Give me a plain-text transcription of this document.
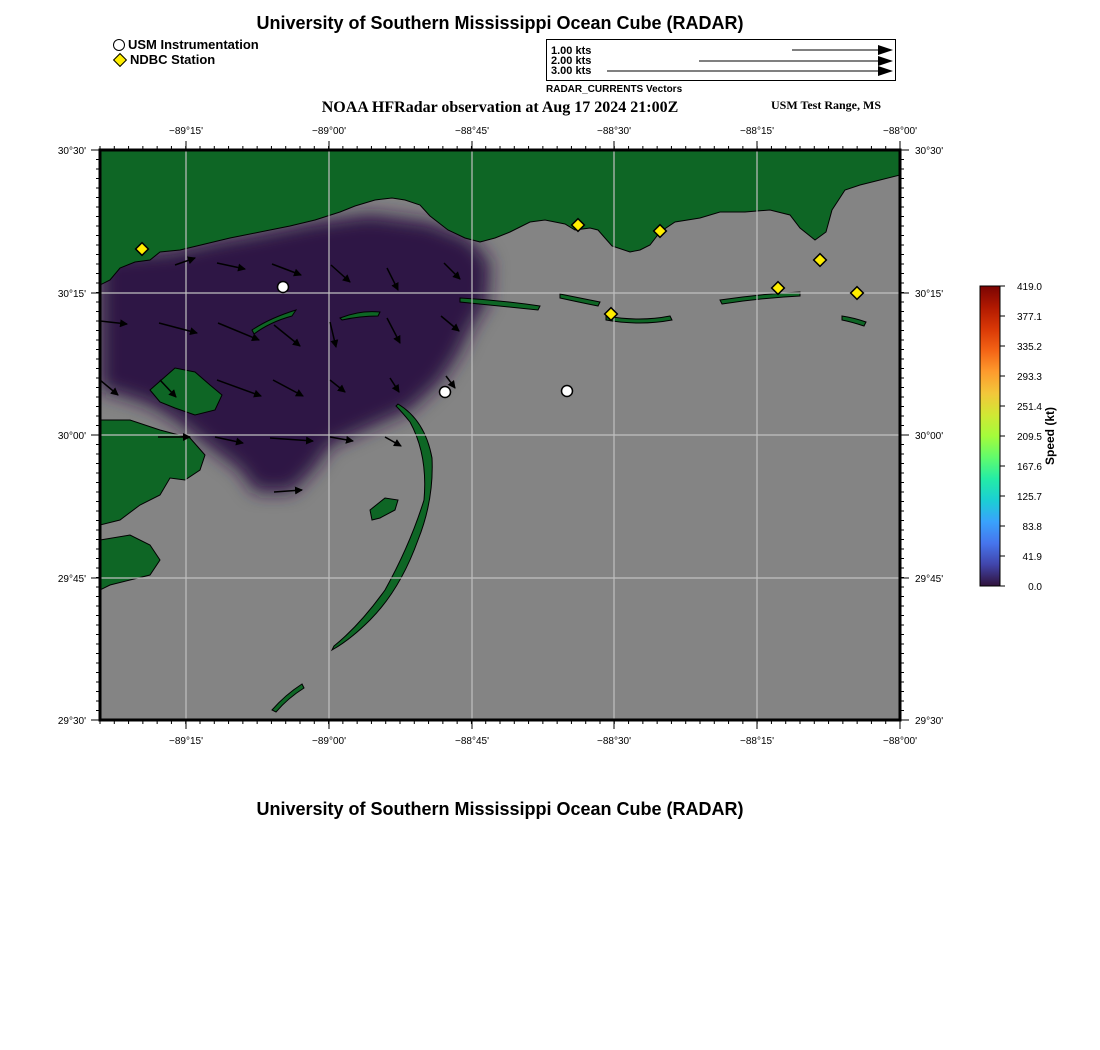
University of Southern Mississippi Ocean Cube (RADAR)
USM Instrumentation
NDBC Station
1.00 kts
2.00 kts
3.00 kts
RADAR_CURRENTS Vectors
NOAA HFRadar observation at Aug 17 2024 21:00Z	USM Test Range, MS
−89°15'	−89°00'	−88°45'	−88°30'	−88°15'	−88°00'
−89°15'	−89°00'	−88°45'	−88°30'	−88°15'	−88°00'
30°30'
30°15'
30°00'
29°45'
29°30'
30°30'
30°15'
30°00'
29°45'
29°30'
419.0
377.1
335.2
293.3
251.4
209.5
167.6
125.7
83.8
41.9
0.0
Speed (kt)
University of Southern Mississippi Ocean Cube (RADAR)
